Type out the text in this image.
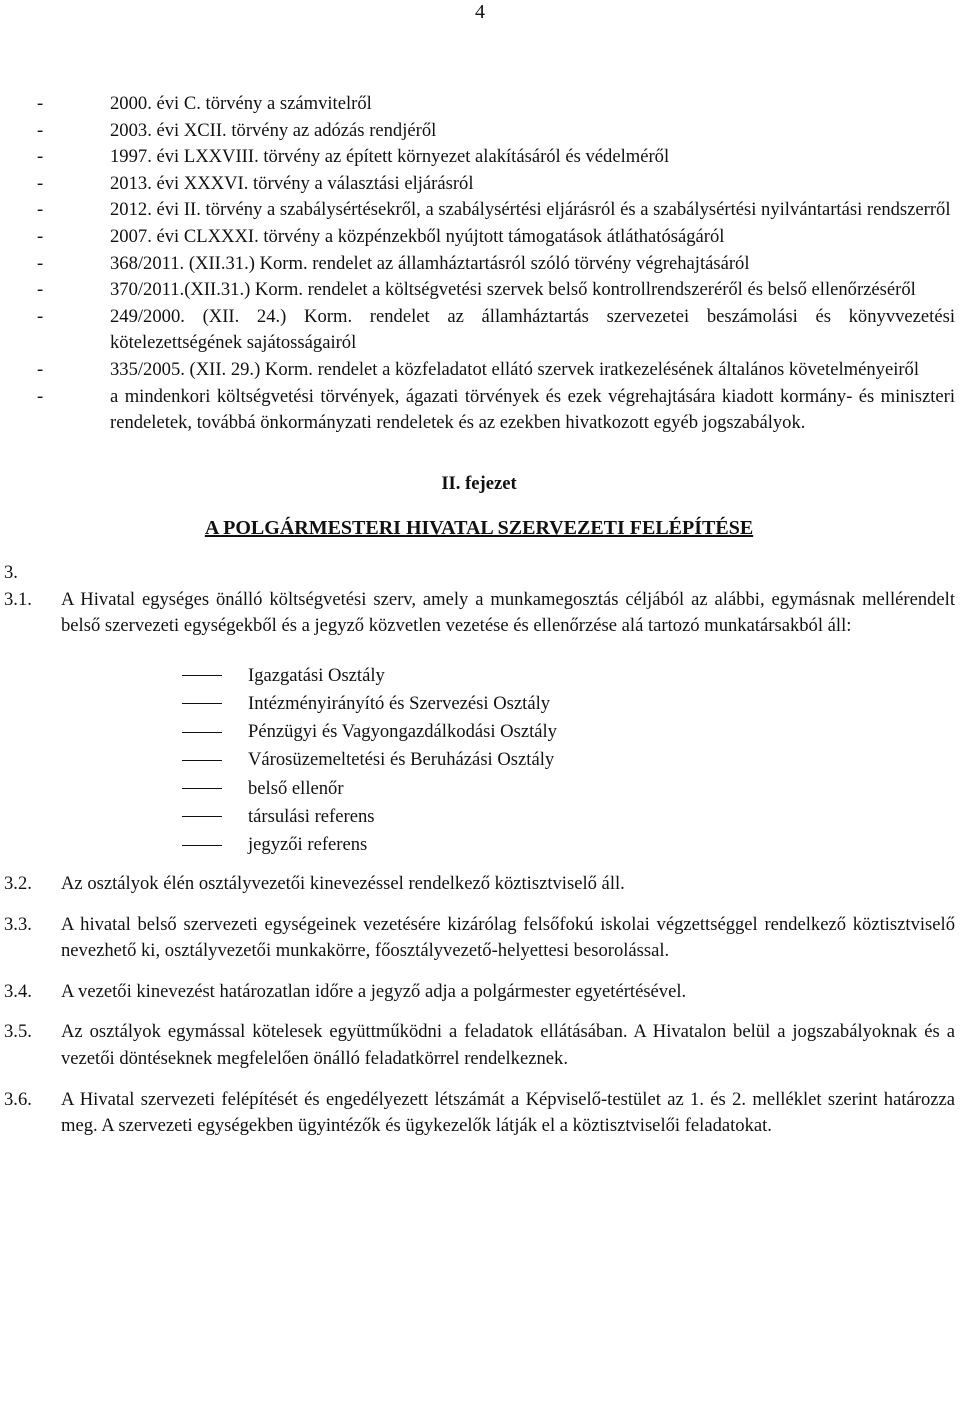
4
-	2000. évi C. törvény a számvitelről
-	2003. évi XCII. törvény az adózás rendjéről
-	1997. évi LXXVIII. törvény az épített környezet alakításáról és védelméről
-	2013. évi XXXVI. törvény a választási eljárásról
-	2012. évi II. törvény a szabálysértésekről, a szabálysértési eljárásról és a szabálysértési nyilvántartási rendszerről
-	2007. évi CLXXXI. törvény a közpénzekből nyújtott támogatások átláthatóságáról
-	368/2011. (XII.31.) Korm. rendelet az államháztartásról szóló törvény végrehajtásáról
-	370/2011.(XII.31.) Korm. rendelet a költségvetési szervek belső kontrollrendszeréről és belső ellenőrzéséről
-	249/2000. (XII. 24.) Korm. rendelet az államháztartás szervezetei beszámolási és könyvvezetési kötelezettségének sajátosságairól
-	335/2005. (XII. 29.) Korm. rendelet a közfeladatot ellátó szervek iratkezelésének általános követelményeiről
-	a mindenkori költségvetési törvények, ágazati törvények és ezek végrehajtására kiadott kormány- és miniszteri rendeletek, továbbá önkormányzati rendeletek és az ezekben hivatkozott egyéb jogszabályok.
II. fejezet
A POLGÁRMESTERI HIVATAL SZERVEZETI FELÉPÍTÉSE
3.
3.1.	A Hivatal egységes önálló költségvetési szerv, amely a munkamegosztás céljából az alábbi, egymásnak mellérendelt belső szervezeti egységekből és a jegyző közvetlen vezetése és ellenőrzése alá tartozó munkatársakból áll:
Igazgatási Osztály
Intézményirányító és Szervezési Osztály
Pénzügyi és Vagyongazdálkodási Osztály
Városüzemeltetési és Beruházási Osztály
belső ellenőr
társulási referens
jegyzői referens
3.2.	Az osztályok élén osztályvezetői kinevezéssel rendelkező köztisztviselő áll.
3.3.	A hivatal belső szervezeti egységeinek vezetésére kizárólag felsőfokú iskolai végzettséggel rendelkező köztisztviselő nevezhető ki, osztályvezetői munkakörre, főosztályvezető-helyettesi besorolással.
3.4.	A vezetői kinevezést határozatlan időre a jegyző adja a polgármester egyetértésével.
3.5.	Az osztályok egymással kötelesek együttműködni a feladatok ellátásában. A Hivatalon belül a jogszabályoknak és a vezetői döntéseknek megfelelően önálló feladatkörrel rendelkeznek.
3.6.	A Hivatal szervezeti felépítését és engedélyezett létszámát a Képviselő-testület az 1. és 2. melléklet szerint határozza meg. A szervezeti egységekben ügyintézők és ügykezelők látják el a köztisztviselői feladatokat.
